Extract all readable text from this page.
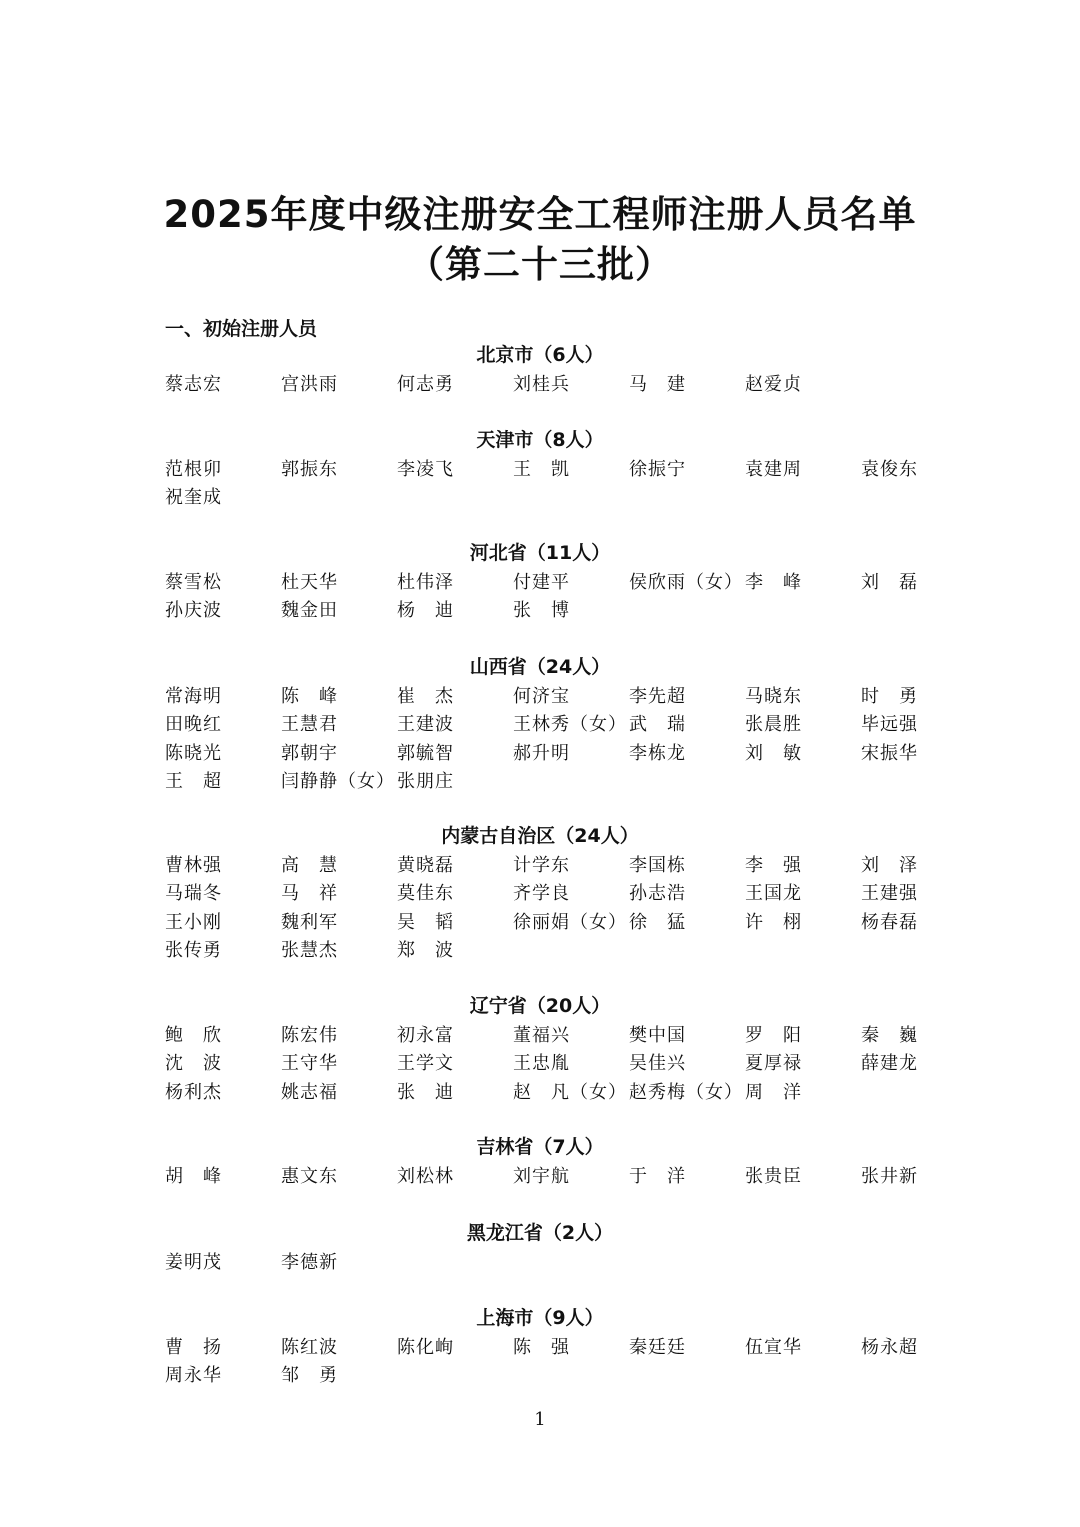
2025年度中级注册安全工程师注册人员名单
（第二十三批）
一、初始注册人员
北京市（6人）
蔡志宏	宫洪雨	何志勇	刘桂兵	马　建	赵爱贞
天津市（8人）
范根卯	郭振东	李凌飞	王　凯	徐振宁	袁建周	袁俊东
祝奎成
河北省（11人）
蔡雪松	杜天华	杜伟泽	付建平	侯欣雨（女） 李　峰	刘　磊
孙庆波	魏金田	杨　迪	张　博
山西省（24人）
常海明	陈　峰	崔　杰	何济宝	李先超	马晓东	时　勇
田晚红	王慧君	王建波	王林秀（女） 武　瑞	张晨胜	毕远强
陈晓光	郭朝宇	郭毓智	郝升明	李栋龙	刘　敏	宋振华
王　超	闫静静（女） 张朋庄
内蒙古自治区（24人）
曹林强	高　慧	黄晓磊	计学东	李国栋	李　强	刘　泽
马瑞冬	马　祥	莫佳东	齐学良	孙志浩	王国龙	王建强
王小刚	魏利军	吴　韬	徐丽娟（女） 徐　猛	许　栩	杨春磊
张传勇	张慧杰	郑　波
辽宁省（20人）
鲍　欣	陈宏伟	初永富	董福兴	樊中国	罗　阳	秦　巍
沈　波	王守华	王学文	王忠胤	吴佳兴	夏厚禄	薛建龙
杨利杰	姚志福	张　迪	赵　凡（女） 赵秀梅（女） 周　洋
吉林省（7人）
胡　峰	惠文东	刘松林	刘宇航	于　洋	张贵臣	张井新
黑龙江省（2人）
姜明茂	李德新
上海市（9人）
曹　扬	陈红波	陈化峋	陈　强	秦廷廷	伍宣华	杨永超
周永华	邹　勇
1
